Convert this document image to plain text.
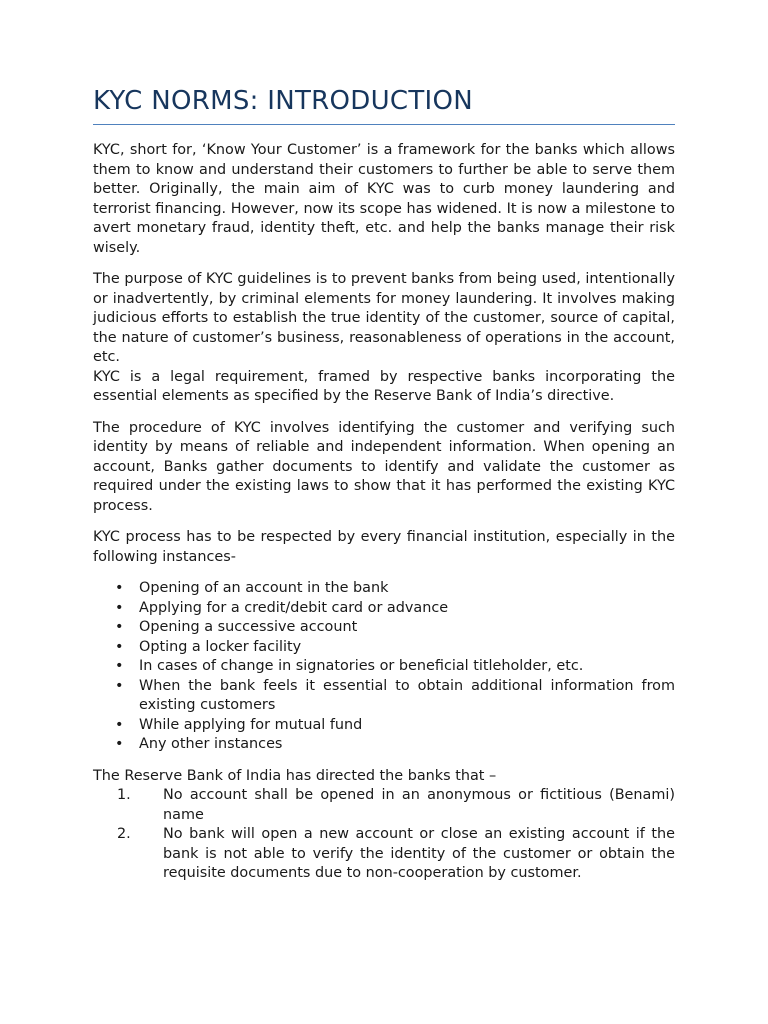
KYC NORMS: INTRODUCTION

KYC, short for, ‘Know Your Customer’ is a framework for the banks which allows them to know and understand their customers to further be able to serve them better. Originally, the main aim of KYC was to curb money laundering and terrorist financing. However, now its scope has widened. It is now a milestone to avert monetary fraud, identity theft, etc. and help the banks manage their risk wisely.

The purpose of KYC guidelines is to prevent banks from being used, intentionally or inadvertently, by criminal elements for money laundering. It involves making judicious efforts to establish the true identity of the customer, source of capital, the nature of customer’s business, reasonableness of operations in the account, etc.

KYC is a legal requirement, framed by respective banks incorporating the essential elements as specified by the Reserve Bank of India’s directive.

The procedure of KYC involves identifying the customer and verifying such identity by means of reliable and independent information. When opening an account, Banks gather documents to identify and validate the customer as required under the existing laws to show that it has performed the existing KYC process.

KYC process has to be respected by every financial institution, especially in the following instances-

• Opening of an account in the bank
• Applying for a credit/debit card or advance
• Opening a successive account
• Opting a locker facility
• In cases of change in signatories or beneficial titleholder, etc.
• When the bank feels it essential to obtain additional information from existing customers
• While applying for mutual fund
• Any other instances

The Reserve Bank of India has directed the banks that –

1. No account shall be opened in an anonymous or fictitious (Benami) name
2. No bank will open a new account or close an existing account if the bank is not able to verify the identity of the customer or obtain the requisite documents due to non-cooperation by customer.
